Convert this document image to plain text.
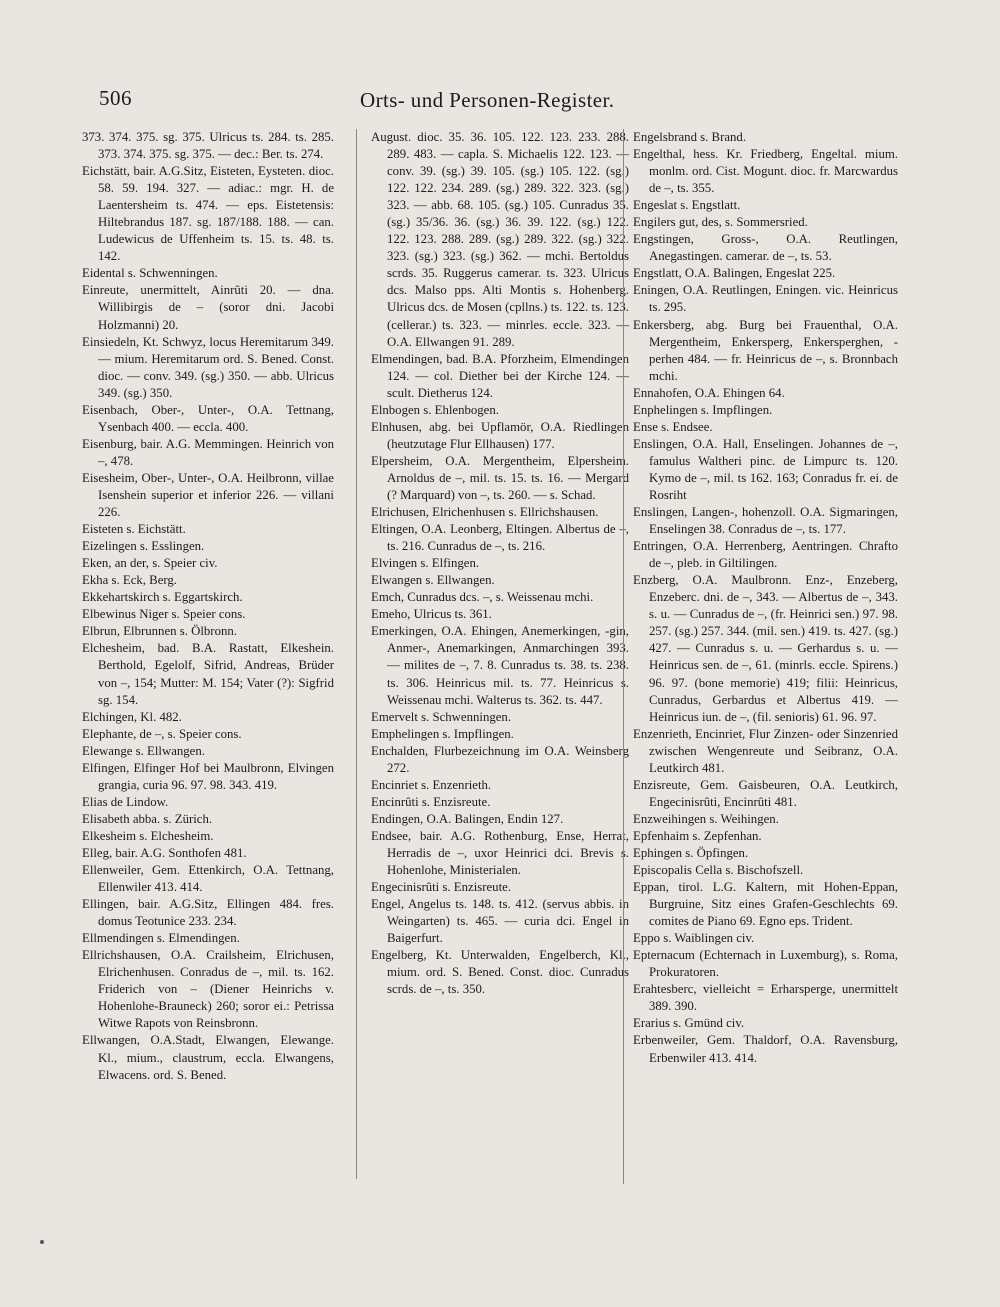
506	Orts- und Personen-Register.

373. 374. 375. sg. 375. Ulricus ts. 284. ts. 285. 373. 374. 375. sg. 375. — dec.: Ber. ts. 274.

Eichstätt, bair. A.G.Sitz, Eisteten, Eysteten. dioc. 58. 59. 194. 327. — adiac.: mgr. H. de Laentersheim ts. 474. — eps. Eistetensis: Hiltebrandus 187. sg. 187/188. 188. — can. Ludewicus de Uffenheim ts. 15. ts. 48. ts. 142.

Eidental s. Schwenningen.

Einreute, unermittelt, Ainrûti 20. — dna. Willibirgis de – (soror dni. Jacobi Holzmanni) 20.

Einsiedeln, Kt. Schwyz, locus Heremitarum 349. — mium. Heremitarum ord. S. Bened. Const. dioc. — conv. 349. (sg.) 350. — abb. Ulricus 349. (sg.) 350.

Eisenbach, Ober-, Unter-, O.A. Tettnang, Ysenbach 400. — eccla. 400.

Eisenburg, bair. A.G. Memmingen. Heinrich von –, 478.

Eisesheim, Ober-, Unter-, O.A. Heilbronn, villae Isenshein superior et inferior 226. — villani 226.

Eisteten s. Eichstätt.

Eizelingen s. Esslingen.

Eken, an der, s. Speier civ.

Ekha s. Eck, Berg.

Ekkehartskirch s. Eggartskirch.

Elbewinus Niger s. Speier cons.

Elbrun, Elbrunnen s. Ölbronn.

Elchesheim, bad. B.A. Rastatt, Elkeshein. Berthold, Egelolf, Sifrid, Andreas, Brüder von –, 154; Mutter: M. 154; Vater (?): Sigfrid sg. 154.

Elchingen, Kl. 482.

Elephante, de –, s. Speier cons.

Elewange s. Ellwangen.

Elfingen, Elfinger Hof bei Maulbronn, Elvingen grangia, curia 96. 97. 98. 343. 419.

Elias de Lindow.

Elisabeth abba. s. Zürich.

Elkesheim s. Elchesheim.

Elleg, bair. A.G. Sonthofen 481.

Ellenweiler, Gem. Ettenkirch, O.A. Tettnang, Ellenwiler 413. 414.

Ellingen, bair. A.G.Sitz, Ellingen 484. fres. domus Teotunice 233. 234.

Ellmendingen s. Elmendingen.

Ellrichshausen, O.A. Crailsheim, Elrichusen, Elrichenhusen. Conradus de –, mil. ts. 162. Friderich von – (Diener Heinrichs v. Hohenlohe-Brauneck) 260; soror ei.: Petrissa Witwe Rapots von Reinsbronn.

Ellwangen, O.A.Stadt, Elwangen, Elewange. Kl., mium., claustrum, eccla. Elwangens, Elwacens. ord. S. Bened.

August. dioc. 35. 36. 105. 122. 123. 233. 288. 289. 483. — capla. S. Michaelis 122. 123. — conv. 39. (sg.) 39. 105. (sg.) 105. 122. (sg.) 122. 122. 234. 289. (sg.) 289. 322. 323. (sg.) 323. — abb. 68. 105. (sg.) 105. Cunradus 35. (sg.) 35/36. 36. (sg.) 36. 39. 122. (sg.) 122. 122. 123. 288. 289. (sg.) 289. 322. (sg.) 322. 323. (sg.) 323. (sg.) 362. — mchi. Bertoldus scrds. 35. Ruggerus camerar. ts. 323. Ulricus dcs. Malso pps. Alti Montis s. Hohenberg. Ulricus dcs. de Mosen (cpllns.) ts. 122. ts. 123. (cellerar.) ts. 323. — minrles. eccle. 323. — O.A. Ellwangen 91. 289.

Elmendingen, bad. B.A. Pforzheim, Elmendingen 124. — col. Diether bei der Kirche 124. — scult. Dietherus 124.

Elnbogen s. Ehlenbogen.

Elnhusen, abg. bei Upflamör, O.A. Riedlingen (heutzutage Flur Ellhausen) 177.

Elpersheim, O.A. Mergentheim, Elpersheim. Arnoldus de –, mil. ts. 15. ts. 16. — Mergard (? Marquard) von –, ts. 260. — s. Schad.

Elrichusen, Elrichenhusen s. Ellrichshausen.

Eltingen, O.A. Leonberg, Eltingen. Albertus de –, ts. 216. Cunradus de –, ts. 216.

Elvingen s. Elfingen.

Elwangen s. Ellwangen.

Emch, Cunradus dcs. –, s. Weissenau mchi.

Emeho, Ulricus ts. 361.

Emerkingen, O.A. Ehingen, Anemerkingen, -gin, Anmer-, Anemarkingen, Anmarchingen 393. — milites de –, 7. 8. Cunradus ts. 38. ts. 238. ts. 306. Heinricus mil. ts. 77. Heinricus s. Weissenau mchi. Walterus ts. 362. ts. 447.

Emervelt s. Schwenningen.

Emphelingen s. Impflingen.

Enchalden, Flurbezeichnung im O.A. Weinsberg 272.

Encinriet s. Enzenrieth.

Encinrûti s. Enzisreute.

Endingen, O.A. Balingen, Endin 127.

Endsee, bair. A.G. Rothenburg, Ense, Herrat, Herradis de –, uxor Heinrici dci. Brevis s. Hohenlohe, Ministerialen.

Engecinisrûti s. Enzisreute.

Engel, Angelus ts. 148. ts. 412. (servus abbis. in Weingarten) ts. 465. — curia dci. Engel in Baigerfurt.

Engelberg, Kt. Unterwalden, Engelberch, Kl., mium. ord. S. Bened. Const. dioc. Cunradus scrds. de –, ts. 350.

Engelsbrand s. Brand.

Engelthal, hess. Kr. Friedberg, Engeltal. mium. monlm. ord. Cist. Mogunt. dioc. fr. Marcwardus de –, ts. 355.

Engeslat s. Engstlatt.

Engilers gut, des, s. Sommersried.

Engstingen, Gross-, O.A. Reutlingen, Anegastingen. camerar. de –, ts. 53.

Engstlatt, O.A. Balingen, Engeslat 225.

Eningen, O.A. Reutlingen, Eningen. vic. Heinricus ts. 295.

Enkersberg, abg. Burg bei Frauenthal, O.A. Mergentheim, Enkersperg, Enkersperghen, -perhen 484. — fr. Heinricus de –, s. Bronnbach mchi.

Ennahofen, O.A. Ehingen 64.

Enphelingen s. Impflingen.

Ense s. Endsee.

Enslingen, O.A. Hall, Enselingen. Johannes de –, famulus Waltheri pinc. de Limpurc ts. 120. Kymo de –, mil. ts 162. 163; Conradus fr. ei. de Rosriht

Enslingen, Langen-, hohenzoll. O.A. Sigmaringen, Enselingen 38. Conradus de –, ts. 177.

Entringen, O.A. Herrenberg, Aentringen. Chrafto de –, pleb. in Giltilingen.

Enzberg, O.A. Maulbronn. Enz-, Enzeberg, Enzeberc. dni. de –, 343. — Albertus de –, 343. s. u. — Cunradus de –, (fr. Heinrici sen.) 97. 98. 257. (sg.) 257. 344. (mil. sen.) 419. ts. 427. (sg.) 427. — Cunradus s. u. — Gerhardus s. u. — Heinricus sen. de –, 61. (minrls. eccle. Spirens.) 96. 97. (bone memorie) 419; filii: Heinricus, Cunradus, Gerbardus et Albertus 419. — Heinricus iun. de –, (fil. senioris) 61. 96. 97.

Enzenrieth, Encinriet, Flur Zinzen- oder Sinzenried zwischen Wengenreute und Seibranz, O.A. Leutkirch 481.

Enzisreute, Gem. Gaisbeuren, O.A. Leutkirch, Engecinisrûti, Encinrûti 481.

Enzweihingen s. Weihingen.

Epfenhaim s. Zepfenhan.

Ephingen s. Öpfingen.

Episcopalis Cella s. Bischofszell.

Eppan, tirol. L.G. Kaltern, mit Hohen-Eppan, Burgruine, Sitz eines Grafen-Geschlechts 69. comites de Piano 69. Egno eps. Trident.

Eppo s. Waiblingen civ.

Epternacum (Echternach in Luxemburg), s. Roma, Prokuratoren.

Erahtesberc, vielleicht = Erharsperge, unermittelt 389. 390.

Erarius s. Gmünd civ.

Erbenweiler, Gem. Thaldorf, O.A. Ravensburg, Erbenwiler 413. 414.
